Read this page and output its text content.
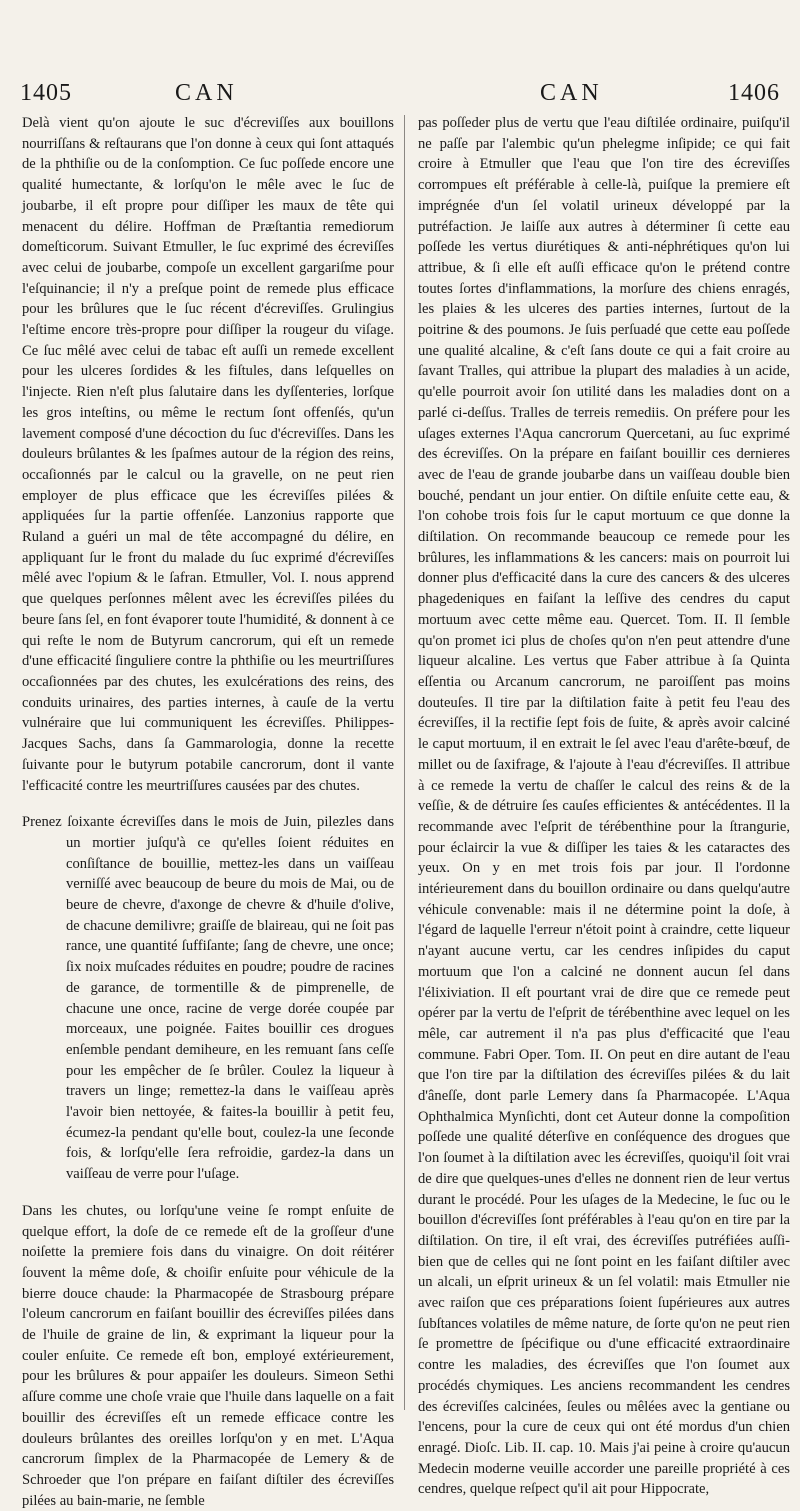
1405	CAN	CAN	1406

Delà vient qu'on ajoute le suc d'écreviſſes aux bouillons nourriſſans & reſtaurans que l'on donne à ceux qui ſont attaqués de la phthiſie ou de la conſomption. Ce ſuc poſſede encore une qualité humectante, & lorſqu'on le mêle avec le ſuc de joubarbe, il eſt propre pour diſſiper les maux de tête qui menacent du délire. Hoffman de Præſtantia remediorum domeſticorum. Suivant Etmuller, le ſuc exprimé des écreviſſes avec celui de joubarbe, compoſe un excellent gargariſme pour l'eſquinancie; il n'y a preſque point de remede plus efficace pour les brûlures que le ſuc récent d'écreviſſes. Grulingius l'eſtime encore très-propre pour diſſiper la rougeur du viſage. Ce ſuc mêlé avec celui de tabac eſt auſſi un remede excellent pour les ulceres ſordides & les fiſtules, dans leſquelles on l'injecte. Rien n'eſt plus ſalutaire dans les dyſſenteries, lorſque les gros inteſtins, ou même le rectum ſont offenſés, qu'un lavement composé d'une décoction du ſuc d'écreviſſes. Dans les douleurs brûlantes & les ſpaſmes autour de la région des reins, occaſionnés par le calcul ou la gravelle, on ne peut rien employer de plus efficace que les écreviſſes pilées & appliquées ſur la partie offenſée. Lanzonius rapporte que Ruland a guéri un mal de tête accompagné du délire, en appliquant ſur le front du malade du ſuc exprimé d'écreviſſes mêlé avec l'opium & le ſafran. Etmuller, Vol. I. nous apprend que quelques perſonnes mêlent avec les écreviſſes pilées du beure ſans ſel, en font évaporer toute l'humidité, & donnent à ce qui reſte le nom de Butyrum cancrorum, qui eſt un remede d'une efficacité ſinguliere contre la phthiſie ou les meurtriſſures occaſionnées par des chutes, les exulcérations des reins, des conduits urinaires, des parties internes, à cauſe de la vertu vulnéraire que lui communiquent les écreviſſes. Philippes-Jacques Sachs, dans ſa Gammarologia, donne la recette ſuivante pour le butyrum potabile cancrorum, dont il vante l'efficacité contre les meurtriſſures causées par des chutes.

Prenez ſoixante écreviſſes dans le mois de Juin, pilezles dans un mortier juſqu'à ce qu'elles ſoient réduites en conſiſtance de bouillie, mettez-les dans un vaiſſeau verniſſé avec beaucoup de beure du mois de Mai, ou de beure de chevre, d'axonge de chevre & d'huile d'olive, de chacune demilivre; graiſſe de blaireau, qui ne ſoit pas rance, une quantité ſuffiſante; ſang de chevre, une once; ſix noix muſcades réduites en poudre; poudre de racines de garance, de tormentille & de pimprenelle, de chacune une once, racine de verge dorée coupée par morceaux, une poignée. Faites bouillir ces drogues enſemble pendant demiheure, en les remuant ſans ceſſe pour les empêcher de ſe brûler. Coulez la liqueur à travers un linge; remettez-la dans le vaiſſeau après l'avoir bien nettoyée, & faites-la bouillir à petit feu, écumez-la pendant qu'elle bout, coulez-la une ſeconde fois, & lorſqu'elle ſera refroidie, gardez-la dans un vaiſſeau de verre pour l'uſage.

Dans les chutes, ou lorſqu'une veine ſe rompt enſuite de quelque effort, la doſe de ce remede eſt de la groſſeur d'une noiſette la premiere fois dans du vinaigre. On doit réitérer ſouvent la même doſe, & choiſir enſuite pour véhicule de la bierre douce chaude: la Pharmacopée de Strasbourg prépare l'oleum cancrorum en faiſant bouillir des écreviſſes pilées dans de l'huile de graine de lin, & exprimant la liqueur pour la couler enſuite. Ce remede eſt bon, employé extérieurement, pour les brûlures & pour appaiſer les douleurs. Simeon Sethi aſſure comme une choſe vraie que l'huile dans laquelle on a fait bouillir des écreviſſes eſt un remede efficace contre les douleurs brûlantes des oreilles lorſqu'on y en met. L'Aqua cancrorum ſimplex de la Pharmacopée de Lemery & de Schroeder que l'on prépare en faiſant diſtiler des écreviſſes pilées au bain-marie, ne ſemble

pas poſſeder plus de vertu que l'eau diſtilée ordinaire, puiſqu'il ne paſſe par l'alembic qu'un phelegme inſipide; ce qui fait croire à Etmuller que l'eau que l'on tire des écreviſſes corrompues eſt préférable à celle-là, puiſque la premiere eſt imprégnée d'un ſel volatil urineux développé par la putréfaction. Je laiſſe aux autres à déterminer ſi cette eau poſſede les vertus diurétiques & anti-néphrétiques qu'on lui attribue, & ſi elle eſt auſſi efficace qu'on le prétend contre toutes ſortes d'inflammations, la morſure des chiens enragés, les plaies & les ulceres des parties internes, ſurtout de la poitrine & des poumons. Je ſuis perſuadé que cette eau poſſede une qualité alcaline, & c'eſt ſans doute ce qui a fait croire au ſavant Tralles, qui attribue la plupart des maladies à un acide, qu'elle pourroit avoir ſon utilité dans les maladies dont on a parlé ci-deſſus. Tralles de terreis remediis. On préfere pour les uſages externes l'Aqua cancrorum Quercetani, au ſuc exprimé des écreviſſes. On la prépare en faiſant bouillir ces dernieres avec de l'eau de grande joubarbe dans un vaiſſeau double bien bouché, pendant un jour entier. On diſtile enſuite cette eau, & l'on cohobe trois fois ſur le caput mortuum ce que donne la diſtilation. On recommande beaucoup ce remede pour les brûlures, les inflammations & les cancers: mais on pourroit lui donner plus d'efficacité dans la cure des cancers & des ulceres phagedeniques en faiſant la leſſive des cendres du caput mortuum avec cette même eau. Quercet. Tom. II. Il ſemble qu'on promet ici plus de choſes qu'on n'en peut attendre d'une liqueur alcaline. Les vertus que Faber attribue à ſa Quinta eſſentia ou Arcanum cancrorum, ne paroiſſent pas moins douteuſes. Il tire par la diſtilation faite à petit feu l'eau des écreviſſes, il la rectifie ſept fois de ſuite, & après avoir calciné le caput mortuum, il en extrait le ſel avec l'eau d'arête-bœuf, de millet ou de ſaxifrage, & l'ajoute à l'eau d'écreviſſes. Il attribue à ce remede la vertu de chaſſer le calcul des reins & de la veſſie, & de détruire ſes cauſes efficientes & antécédentes. Il la recommande avec l'eſprit de térébenthine pour la ſtrangurie, pour éclaircir la vue & diſſiper les taies & les cataractes des yeux. On y en met trois fois par jour. Il l'ordonne intérieurement dans du bouillon ordinaire ou dans quelqu'autre véhicule convenable: mais il ne détermine point la doſe, à l'égard de laquelle l'erreur n'étoit point à craindre, cette liqueur n'ayant aucune vertu, car les cendres inſipides du caput mortuum que l'on a calciné ne donnent aucun ſel dans l'élixiviation. Il eſt pourtant vrai de dire que ce remede peut opérer par la vertu de l'eſprit de térébenthine avec lequel on les mêle, car autrement il n'a pas plus d'efficacité que l'eau commune. Fabri Oper. Tom. II. On peut en dire autant de l'eau que l'on tire par la diſtilation des écreviſſes pilées & du lait d'âneſſe, dont parle Lemery dans ſa Pharmacopée. L'Aqua Ophthalmica Mynſichti, dont cet Auteur donne la compoſition poſſede une qualité déterſive en conſéquence des drogues que l'on ſoumet à la diſtilation avec les écreviſſes, quoiqu'il ſoit vrai de dire que quelques-unes d'elles ne donnent rien de leur vertus durant le procédé. Pour les uſages de la Medecine, le ſuc ou le bouillon d'écreviſſes ſont préférables à l'eau qu'on en tire par la diſtilation. On tire, il eſt vrai, des écreviſſes putréfiées auſſi-bien que de celles qui ne ſont point en les faiſant diſtiler avec un alcali, un eſprit urineux & un ſel volatil: mais Etmuller nie avec raiſon que ces préparations ſoient ſupérieures aux autres ſubſtances volatiles de même nature, de ſorte qu'on ne peut rien ſe promettre de ſpécifique ou d'une efficacité extraordinaire contre les maladies, des écreviſſes que l'on ſoumet aux procédés chymiques. Les anciens recommandent les cendres des écreviſſes calcinées, ſeules ou mêlées avec la gentiane ou l'encens, pour la cure de ceux qui ont été mordus d'un chien enragé. Dioſc. Lib. II. cap. 10. Mais j'ai peine à croire qu'aucun Medecin moderne veuille accorder une pareille propriété à ces cendres, quelque reſpect qu'il ait pour Hippocrate,
